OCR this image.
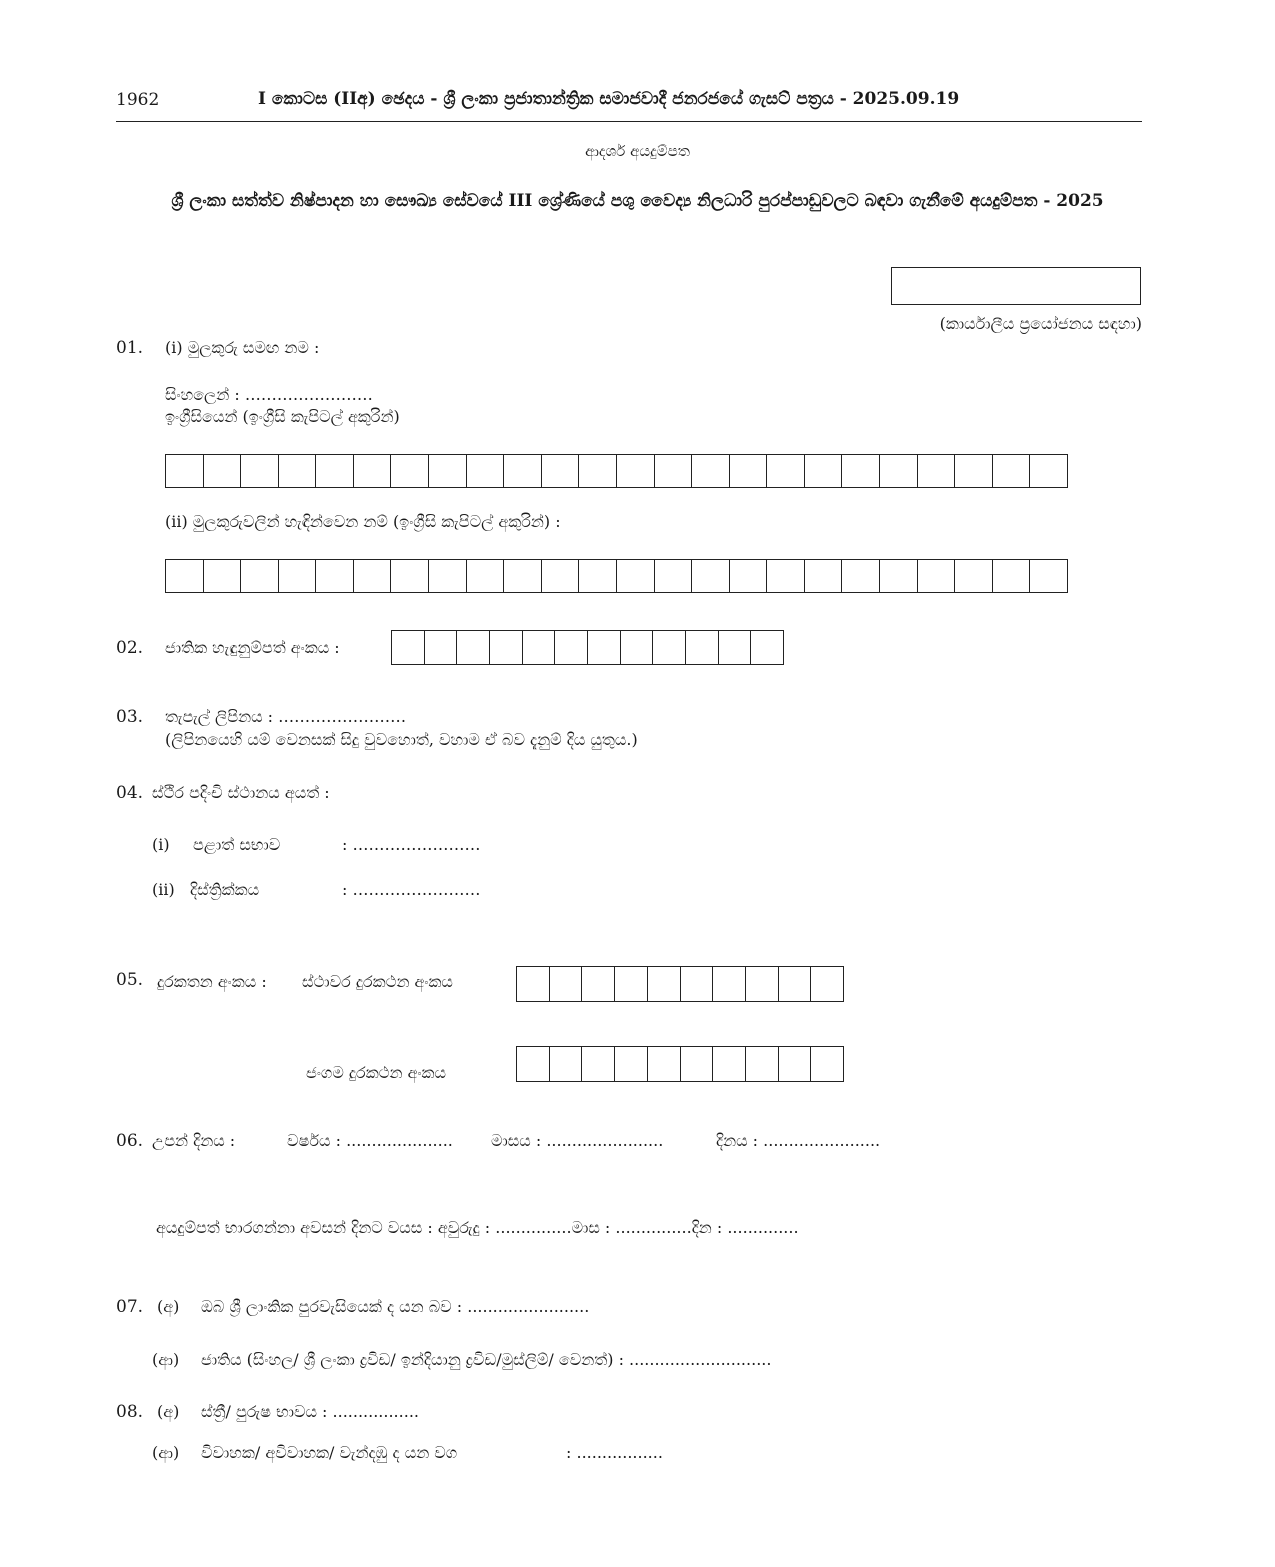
1962	I කොටස (IIඅ) ඡෙදය - ශ්‍රී ලංකා ප්‍රජාතාන්ත්‍රික සමාජවාදී ජනරජයේ ගැසට් පත්‍රය - 2025.09.19
ආදර්ශ අයදුම්පත
ශ්‍රී ලංකා සත්ත්ව නිෂ්පාදන හා සෞඛ්‍ය සේවයේ III ශ්‍රේණියේ පශු වෛද්‍ය නිලධාරි පුරප්පාඩුවලට බඳවා ගැනීමේ අයදුම්පත - 2025
(කාර්යාලීය ප්‍රයෝජනය සඳහා)
01. (i) මුලකුරු සමඟ නම :
සිංහලෙන් : ……………………
ඉංග්‍රීසියෙන් (ඉංග්‍රීසි කැපිටල් අකුරින්)
(ii) මුලකුරුවලින් හැඳින්වෙන නම් (ඉංග්‍රීසි කැපිටල් අකුරින්) :
02. ජාතික හැඳුනුම්පත් අංකය :
03. තැපැල් ලිපිනය : ……………………
(ලිපිනයෙහි යම් වෙනසක් සිදු වුවහොත්, වහාම ඒ බව දැනුම් දිය යුතුය.)
04. ස්ථිර පදිංචි ස්ථානය අයත් :
(i) පළාත් සභාව	: ……………………
(ii) දිස්ත්‍රික්කය	: ……………………
05. දුරකතන අංකය : ස්ථාවර දුරකථන අංකය
ජංගම දුරකථන අංකය
06. උපන් දිනය :	වර්ෂය : ..................... මාසය : .......................	දිනය : .......................
අයදුම්පත් භාරගන්නා අවසන් දිනට වයස : අවුරුදු : ...............මාස : ...............දින : ..............
07. (අ) ඔබ ශ්‍රී ලාංකික පුරවැසියෙක් ද යන බව : ........................
(ආ) ජාතිය (සිංහල/ ශ්‍රී ලංකා ද්‍රවිඩ/ ඉන්දියානු ද්‍රවිඩ/මුස්ලිම්/ වෙනත්) : ............................
08. (අ) ස්ත්‍රී/ පුරුෂ භාවය : .................
(ආ) විවාහක/ අවිවාහක/ වැන්දඹු ද යන වග	: .................
